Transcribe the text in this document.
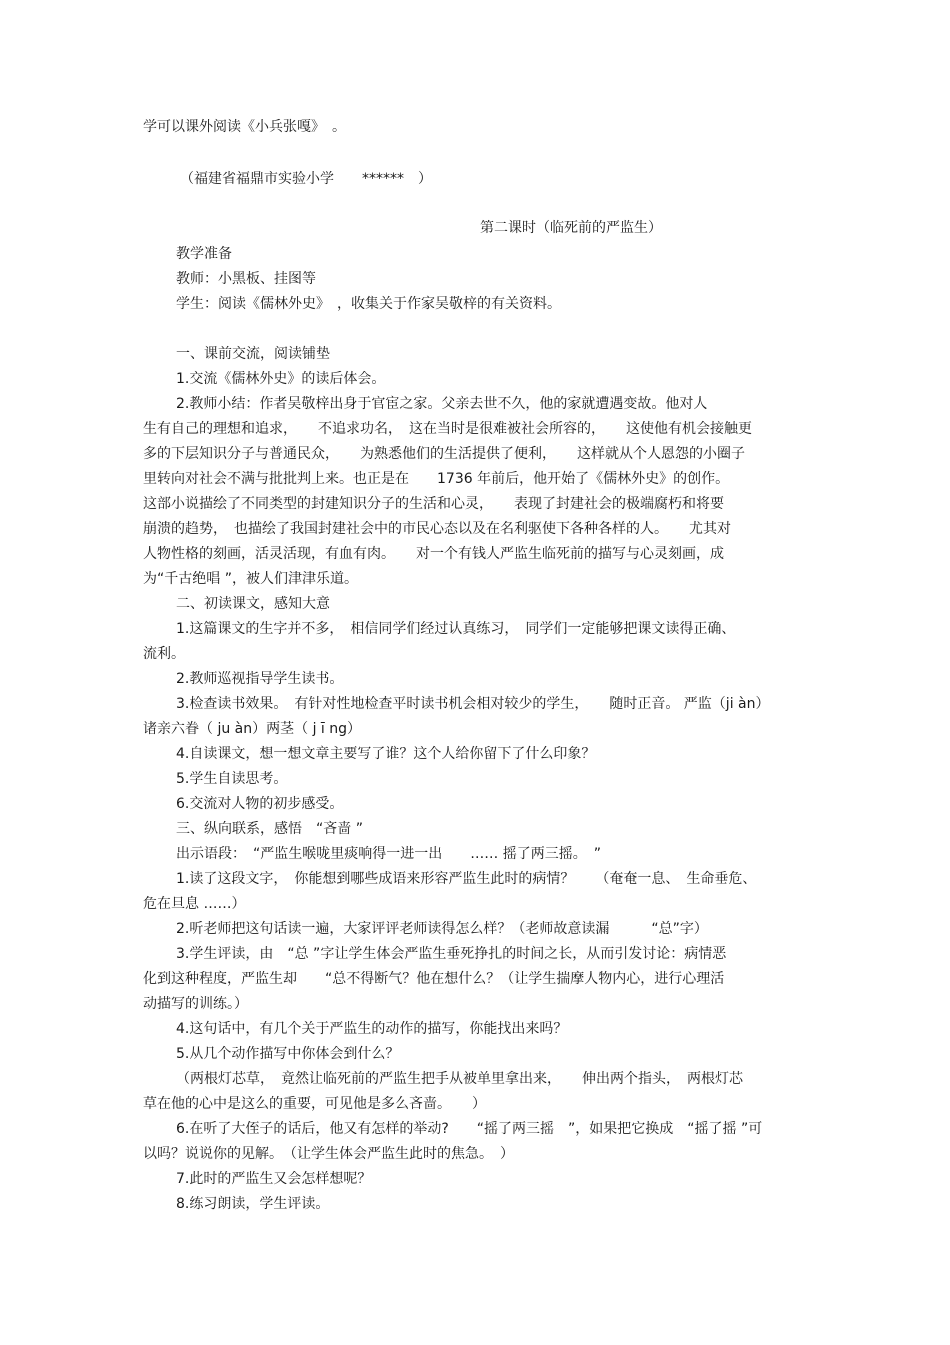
学可以课外阅读《小兵张嘎》　。
（福建省福鼎市实验小学　　******　）
第二课时（临死前的严监生）
教学准备
教师：小黑板、挂图等
学生：阅读《儒林外史》　，收集关于作家吴敬梓的有关资料。
一、课前交流，阅读铺垫
1.交流《儒林外史》的读后体会。
2.教师小结：作者吴敬梓出身于官宦之家。父亲去世不久，他的家就遭遇变故。他对人
生有自己的理想和追求，　　不追求功名，　这在当时是很难被社会所容的，　　这使他有机会接触更
多的下层知识分子与普通民众，　　为熟悉他们的生活提供了便利，　　这样就从个人恩怨的小圈子
里转向对社会不满与批批判上来。也正是在　　1736 年前后，他开始了《儒林外史》的创作。
这部小说描绘了不同类型的封建知识分子的生活和心灵，　　表现了封建社会的极端腐朽和将要
崩溃的趋势，　也描绘了我国封建社会中的市民心态以及在名利驱使下各种各样的人。　　尤其对
人物性格的刻画，活灵活现，有血有肉。　　对一个有钱人严监生临死前的描写与心灵刻画，成
为“千古绝唱 ”，被人们津津乐道。
二、初读课文，感知大意
1.这篇课文的生字并不多，　相信同学们经过认真练习，　同学们一定能够把课文读得正确、
流利。
2.教师巡视指导学生读书。
3.检查读书效果。　有针对性地检查平时读书机会相对较少的学生，　　随时正音。 严监（ji àn）
诸亲六眷（ ju àn）两茎（ j ī ng）
4.自读课文，想一想文章主要写了谁？这个人给你留下了什么印象？
5.学生自读思考。
6.交流对人物的初步感受。
三、纵向联系，感悟　“吝啬 ”
出示语段：　“严监生喉咙里痰响得一进一出　　…… 摇了两三摇。　”
1.读了这段文字，　你能想到哪些成语来形容严监生此时的病情？　　（奄奄一息、　生命垂危、
危在旦息 ……）
2.听老师把这句话读一遍，大家评评老师读得怎么样？（老师故意读漏　　　“总”字）
3.学生评读，由　“总 ”字让学生体会严监生垂死挣扎的时间之长，从而引发讨论：病情恶
化到这种程度，严监生却　　“总不得断气？他在想什么？（让学生揣摩人物内心，进行心理活
动描写的训练。）
4.这句话中，有几个关于严监生的动作的描写，你能找出来吗？
5.从几个动作描写中你体会到什么？
（两根灯芯草，　竟然让临死前的严监生把手从被单里拿出来，　　伸出两个指头，　两根灯芯
草在他的心中是这么的重要，可见他是多么吝啬。　　）
6.在听了大侄子的话后，他又有怎样的举动?　　“摇了两三摇　”，如果把它换成　“摇了摇 ”可
以吗？说说你的见解。　（让学生体会严监生此时的焦急。　）
7.此时的严监生又会怎样想呢？
8.练习朗读，学生评读。
